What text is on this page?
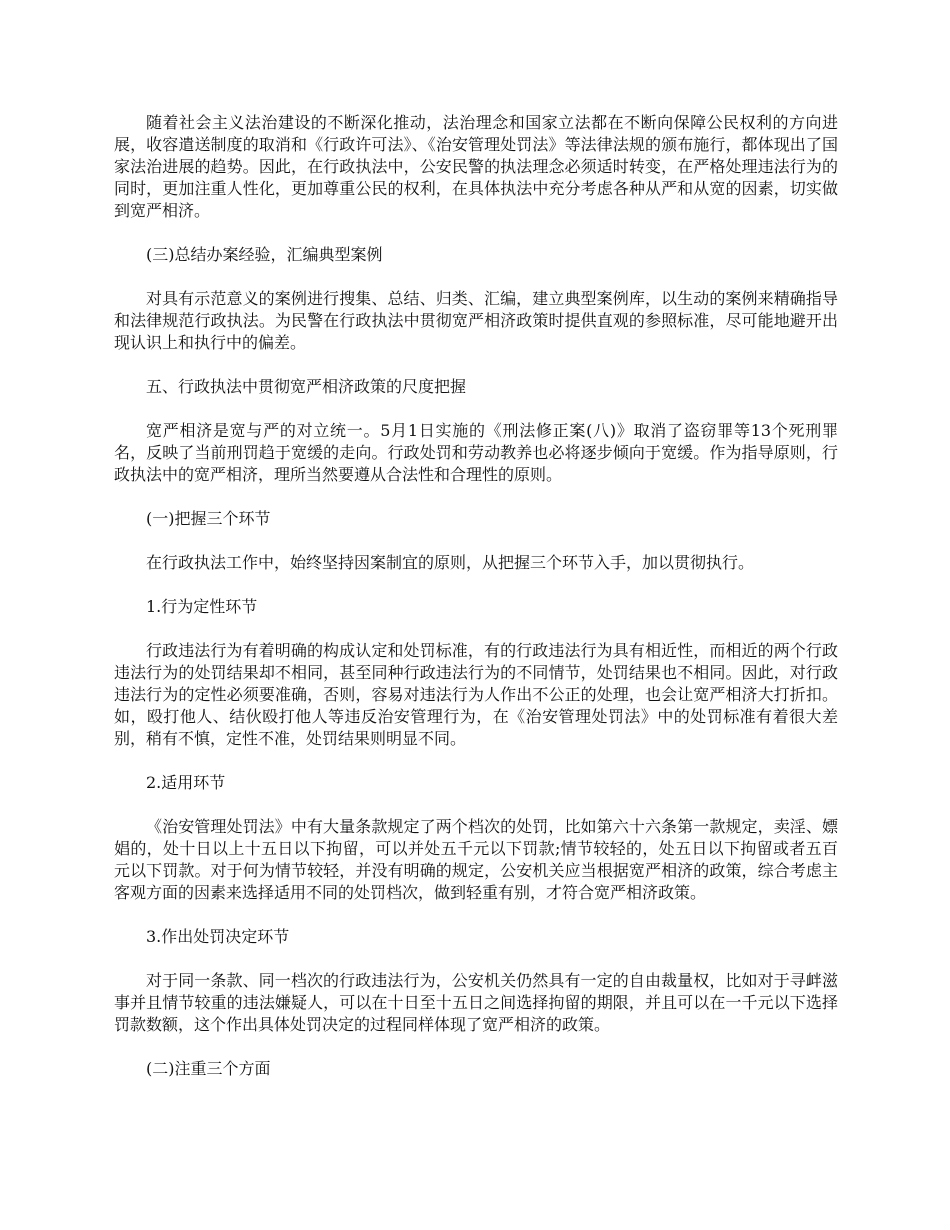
随着社会主义法治建设的不断深化推动，法治理念和国家立法都在不断向保障公民权利的方向进展，收容遣送制度的取消和《行政许可法》、《治安管理处罚法》等法律法规的颁布施行，都体现出了国家法治进展的趋势。因此，在行政执法中，公安民警的执法理念必须适时转变，在严格处理违法行为的同时，更加注重人性化，更加尊重公民的权利，在具体执法中充分考虑各种从严和从宽的因素，切实做到宽严相济。

(三)总结办案经验，汇编典型案例

对具有示范意义的案例进行搜集、总结、归类、汇编，建立典型案例库，以生动的案例来精确指导和法律规范行政执法。为民警在行政执法中贯彻宽严相济政策时提供直观的参照标准，尽可能地避开出现认识上和执行中的偏差。

五、行政执法中贯彻宽严相济政策的尺度把握

宽严相济是宽与严的对立统一。5月1日实施的《刑法修正案(八)》取消了盗窃罪等13个死刑罪名，反映了当前刑罚趋于宽缓的走向。行政处罚和劳动教养也必将逐步倾向于宽缓。作为指导原则，行政执法中的宽严相济，理所当然要遵从合法性和合理性的原则。

(一)把握三个环节

在行政执法工作中，始终坚持因案制宜的原则，从把握三个环节入手，加以贯彻执行。

1.行为定性环节

行政违法行为有着明确的构成认定和处罚标准，有的行政违法行为具有相近性，而相近的两个行政违法行为的处罚结果却不相同，甚至同种行政违法行为的不同情节，处罚结果也不相同。因此，对行政违法行为的定性必须要准确，否则，容易对违法行为人作出不公正的处理，也会让宽严相济大打折扣。如，殴打他人、结伙殴打他人等违反治安管理行为，在《治安管理处罚法》中的处罚标准有着很大差别，稍有不慎，定性不准，处罚结果则明显不同。

2.适用环节

《治安管理处罚法》中有大量条款规定了两个档次的处罚，比如第六十六条第一款规定，卖淫、嫖娼的，处十日以上十五日以下拘留，可以并处五千元以下罚款;情节较轻的，处五日以下拘留或者五百元以下罚款。对于何为情节较轻，并没有明确的规定，公安机关应当根据宽严相济的政策，综合考虑主客观方面的因素来选择适用不同的处罚档次，做到轻重有别，才符合宽严相济政策。

3.作出处罚决定环节

对于同一条款、同一档次的行政违法行为，公安机关仍然具有一定的自由裁量权，比如对于寻衅滋事并且情节较重的违法嫌疑人，可以在十日至十五日之间选择拘留的期限，并且可以在一千元以下选择罚款数额，这个作出具体处罚决定的过程同样体现了宽严相济的政策。

(二)注重三个方面
